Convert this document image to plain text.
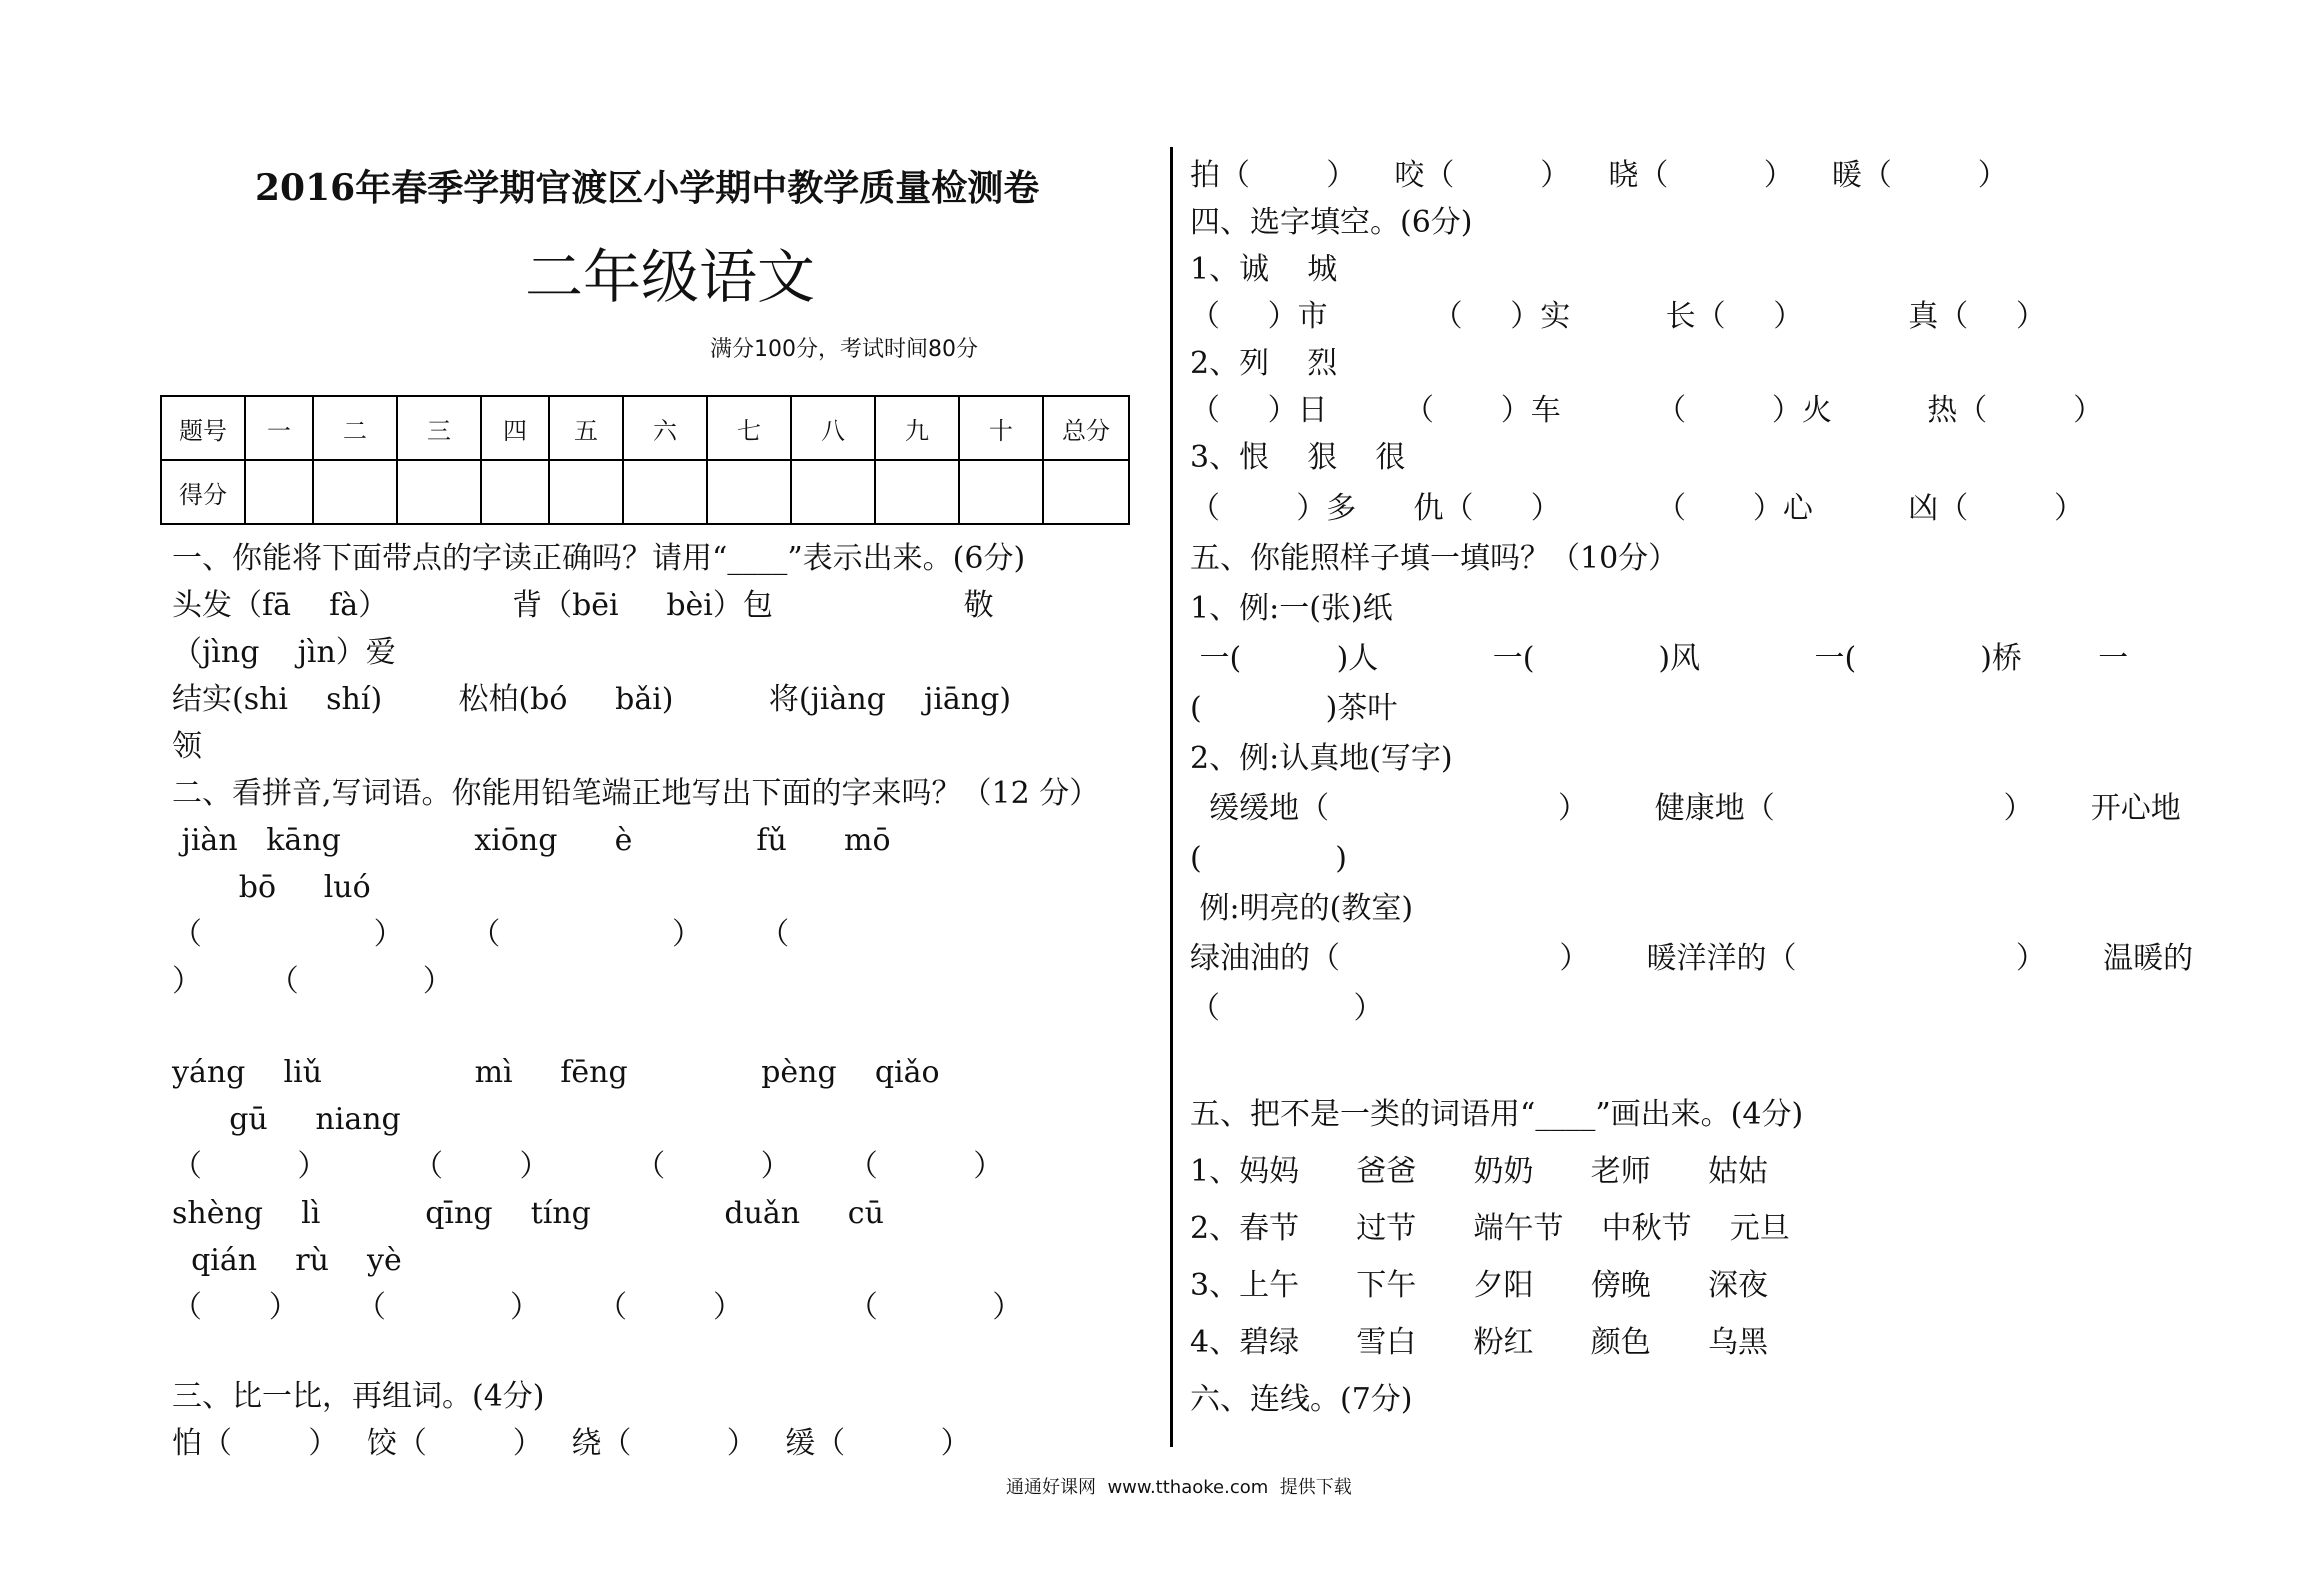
2016年春季学期官渡区小学期中教学质量检测卷
二年级语文
满分100分，考试时间80分
题号	一	二	三	四	五	六	七	八	九	十	总分
得分											
一、你能将下面带点的字读正确吗？请用“____”表示出来。(6分)
头发（fā    fà）             背（bēi     bèi）包                    敬
（jìng    jìn）爱
结实(shi    shí)        松柏(bó     bǎi)          将(jiàng    jiāng)
领
二、看拼音,写词语。你能用铅笔端正地写出下面的字来吗？（12 分）
jiàn   kāng              xiōng      è             fǔ      mō
bō     luó
（                  ）       （                  ）      （
）       （             ）
yáng    liǔ                mì     fēng              pèng    qiǎo
gū     niang
（          ）         （        ）         （          ）      （          ）
shèng    lì           qīng    tíng              duǎn     cū
qián    rù    yè
（       ）      （             ）      （         ）           （            ）
三、比一比，再组词。(4分)
怕（        ）   饺（         ）   绕（          ）   缓（          ）
拍（        ）    咬（         ）    晓（          ）    暖（         ）
四、选字填空。(6分)
1、诚    城
（     ）市           （     ）实          长（     ）           真（     ）
2、列    烈
（     ）日        （       ）车          （         ）火          热（         ）
3、恨    狠    很
（        ）多      仇（      ）          （       ）心          凶（         ）
五、你能照样子填一填吗？（10分）
1、例:一(张)纸
一(          )人            一(             )风            一(             )桥        一
(             )茶叶
2、例:认真地(写字)
缓缓地（                        ）       健康地（                        ）      开心地
(              )
例:明亮的(教室)
绿油油的（                       ）      暖洋洋的（                       ）      温暖的
（              ）
五、把不是一类的词语用“____”画出来。(4分)
1、妈妈      爸爸      奶奶      老师      姑姑
2、春节      过节      端午节    中秋节    元旦
3、上午      下午      夕阳      傍晚      深夜
4、碧绿      雪白      粉红      颜色      乌黑
六、连线。(7分)
通通好课网  www.tthaoke.com  提供下载
